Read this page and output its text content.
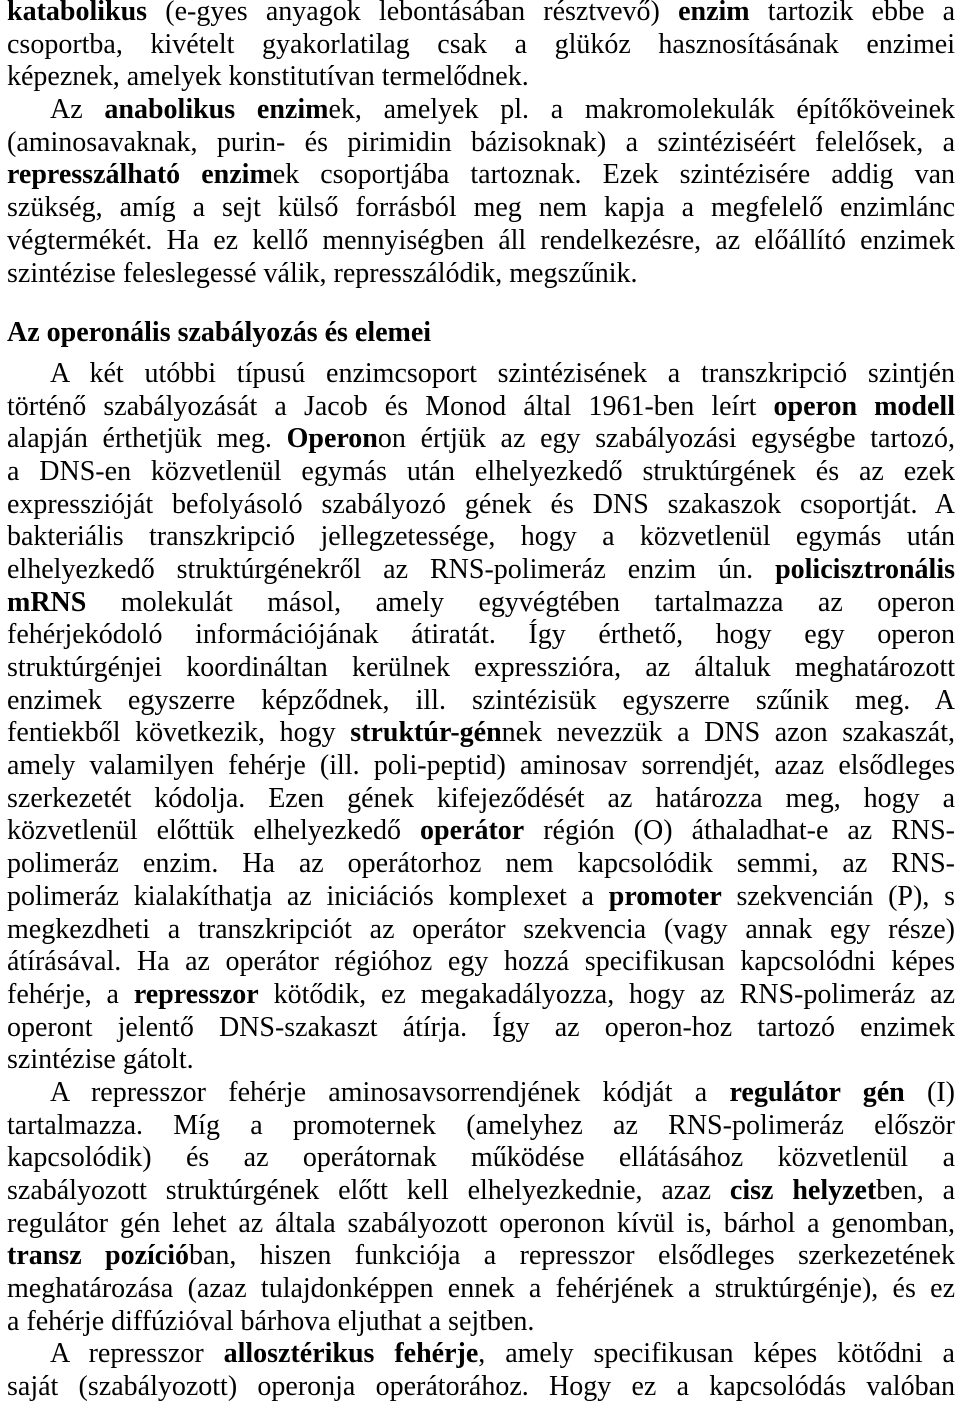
katabolikus (e-gyes anyagok lebontásában résztvevő) enzim tartozik ebbe a
csoportba, kivételt gyakorlatilag csak a glükóz hasznosításának enzimei
képeznek, amelyek konstitutívan termelődnek.
Az anabolikus enzimek, amelyek pl. a makromolekulák építőköveinek
(aminosavaknak, purin- és pirimidin bázisoknak) a szintéziséért felelősek, a
represszálható enzimek csoportjába tartoznak. Ezek szintézisére addig van
szükség, amíg a sejt külső forrásból meg nem kapja a megfelelő enzimlánc
végtermékét. Ha ez kellő mennyiségben áll rendelkezésre, az előállító enzimek
szintézise feleslegessé válik, represszálódik, megszűnik.
Az operonális szabályozás és elemei
A két utóbbi típusú enzimcsoport szintézisének a transzkripció szintjén
történő szabályozását a Jacob és Monod által 1961-ben leírt operon modell
alapján érthetjük meg. Operonon értjük az egy szabályozási egységbe tartozó,
a DNS-en közvetlenül egymás után elhelyezkedő struktúrgének és az ezek
expresszióját befolyásoló szabályozó gének és DNS szakaszok csoportját. A
bakteriális transzkripció jellegzetessége, hogy a közvetlenül egymás után
elhelyezkedő struktúrgénekről az RNS-polimeráz enzim ún. policisztronális
mRNS molekulát másol, amely egyvégtében tartalmazza az operon
fehérjekódoló információjának átiratát. Így érthető, hogy egy operon
struktúrgénjei koordináltan kerülnek expresszióra, az általuk meghatározott
enzimek egyszerre képződnek, ill. szintézisük egyszerre szűnik meg. A
fentiekből következik, hogy struktúr-génnek nevezzük a DNS azon szakaszát,
amely valamilyen fehérje (ill. poli-peptid) aminosav sorrendjét, azaz elsődleges
szerkezetét kódolja. Ezen gének kifejeződését az határozza meg, hogy a
közvetlenül előttük elhelyezkedő operátor régión (O) áthaladhat-e az RNS-
polimeráz enzim. Ha az operátorhoz nem kapcsolódik semmi, az RNS-
polimeráz kialakíthatja az iniciációs komplexet a promoter szekvencián (P), s
megkezdheti a transzkripciót az operátor szekvencia (vagy annak egy része)
átírásával. Ha az operátor régióhoz egy hozzá specifikusan kapcsolódni képes
fehérje, a represszor kötődik, ez megakadályozza, hogy az RNS-polimeráz az
operont jelentő DNS-szakaszt átírja. Így az operon-hoz tartozó enzimek
szintézise gátolt.
A represszor fehérje aminosavsorrendjének kódját a regulátor gén (I)
tartalmazza. Míg a promoternek (amelyhez az RNS-polimeráz először
kapcsolódik) és az operátornak működése ellátásához közvetlenül a
szabályozott struktúrgének előtt kell elhelyezkednie, azaz cisz helyzetben, a
regulátor gén lehet az általa szabályozott operonon kívül is, bárhol a genomban,
transz pozícióban, hiszen funkciója a represszor elsődleges szerkezetének
meghatározása (azaz tulajdonképpen ennek a fehérjének a struktúrgénje), és ez
a fehérje diffúzióval bárhova eljuthat a sejtben.
A represszor allosztérikus fehérje, amely specifikusan képes kötődni a
saját (szabályozott) operonja operátorához. Hogy ez a kapcsolódás valóban
